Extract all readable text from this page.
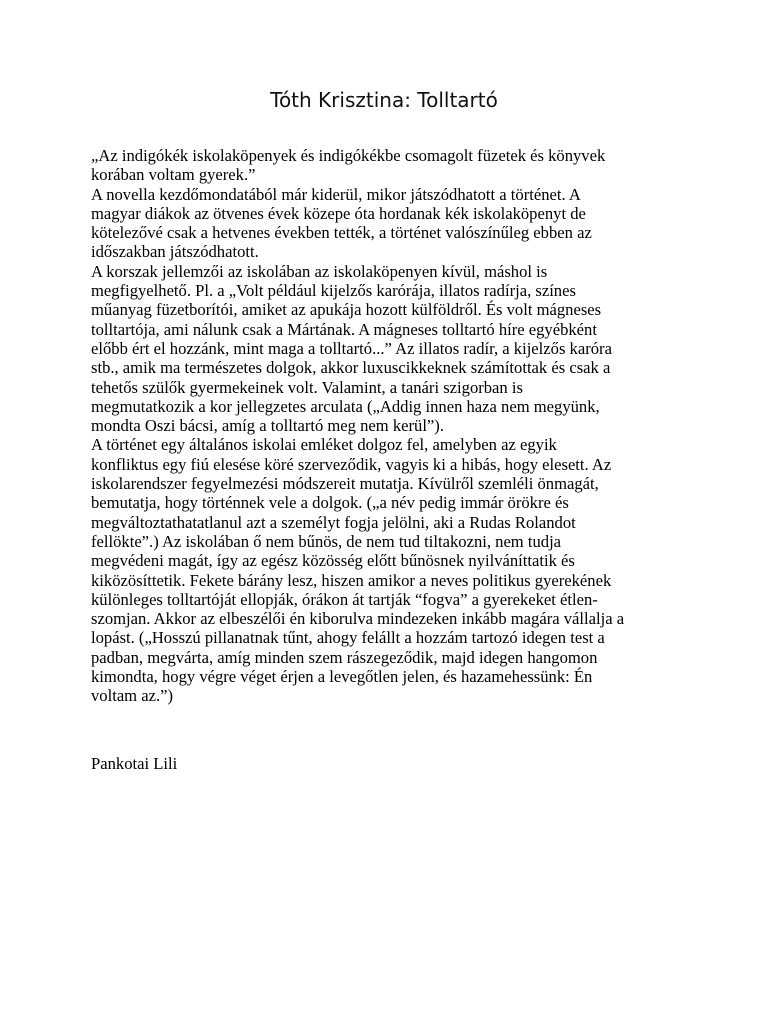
Tóth Krisztina: Tolltartó
„Az indigókék iskolaköpenyek és indigókékbe csomagolt füzetek és könyvek
korában voltam gyerek.”
A novella kezdőmondatából már kiderül, mikor játszódhatott a történet. A
magyar diákok az ötvenes évek közepe óta hordanak kék iskolaköpenyt de
kötelezővé csak a hetvenes években tették, a történet valószínűleg ebben az
időszakban játszódhatott.
A korszak jellemzői az iskolában az iskolaköpenyen kívül, máshol is
megfigyelhető. Pl. a „Volt például kijelzős karórája, illatos radírja, színes
műanyag füzetborítói, amiket az apukája hozott külföldről. És volt mágneses
tolltartója, ami nálunk csak a Mártának. A mágneses tolltartó híre egyébként
előbb ért el hozzánk, mint maga a tolltartó...” Az illatos radír, a kijelzős karóra
stb., amik ma természetes dolgok, akkor luxuscikkeknek számítottak és csak a
tehetős szülők gyermekeinek volt. Valamint, a tanári szigorban is
megmutatkozik a kor jellegzetes arculata („Addig innen haza nem megyünk,
mondta Oszi bácsi, amíg a tolltartó meg nem kerül”).
A történet egy általános iskolai emléket dolgoz fel, amelyben az egyik
konfliktus egy fiú elesése köré szerveződik, vagyis ki a hibás, hogy elesett. Az
iskolarendszer fegyelmezési módszereit mutatja. Kívülről szemléli önmagát,
bemutatja, hogy történnek vele a dolgok. („a név pedig immár örökre és
megváltoztathatatlanul azt a személyt fogja jelölni, aki a Rudas Rolandot
fellökte”.) Az iskolában ő nem bűnös, de nem tud tiltakozni, nem tudja
megvédeni magát, így az egész közösség előtt bűnösnek nyilváníttatik és
kiközösíttetik. Fekete bárány lesz, hiszen amikor a neves politikus gyerekének
különleges tolltartóját ellopják, órákon át tartják “fogva” a gyerekeket étlen-
szomjan. Akkor az elbeszélői én kiborulva mindezeken inkább magára vállalja a
lopást. („Hosszú pillanatnak tűnt, ahogy felállt a hozzám tartozó idegen test a
padban, megvárta, amíg minden szem rászegeződik, majd idegen hangomon
kimondta, hogy végre véget érjen a levegőtlen jelen, és hazamehessünk: Én
voltam az.”)
Pankotai Lili
